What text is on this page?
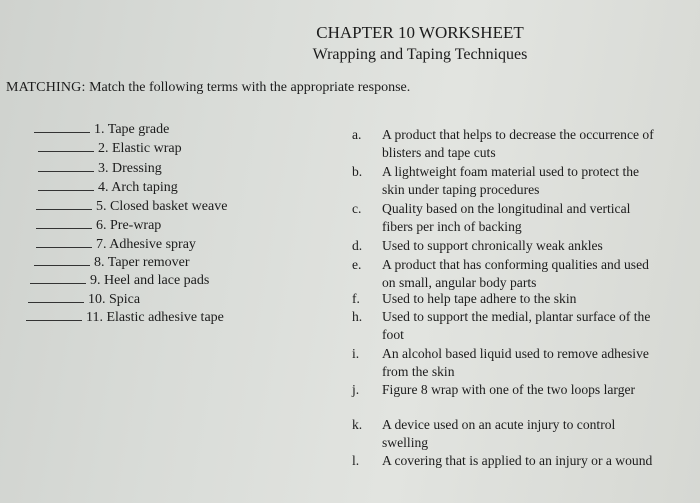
CHAPTER 10 WORKSHEET
Wrapping and Taping Techniques
MATCHING: Match the following terms with the appropriate response.
1. Tape grade
2. Elastic wrap
3. Dressing
4. Arch taping
5. Closed basket weave
6. Pre-wrap
7. Adhesive spray
8. Taper remover
9. Heel and lace pads
10. Spica
11. Elastic adhesive tape
a.	A product that helps to decrease the occurrence of blisters and tape cuts
b.	A lightweight foam material used to protect the skin under taping procedures
c.	Quality based on the longitudinal and vertical fibers per inch of backing
d.	Used to support chronically weak ankles
e.	A product that has conforming qualities and used on small, angular body parts
f.	Used to help tape adhere to the skin
h.	Used to support the medial, plantar surface of the foot
i.	An alcohol based liquid used to remove adhesive from the skin
j.	Figure 8 wrap with one of the two loops larger
k.	A device used on an acute injury to control swelling
l.	A covering that is applied to an injury or a wound
